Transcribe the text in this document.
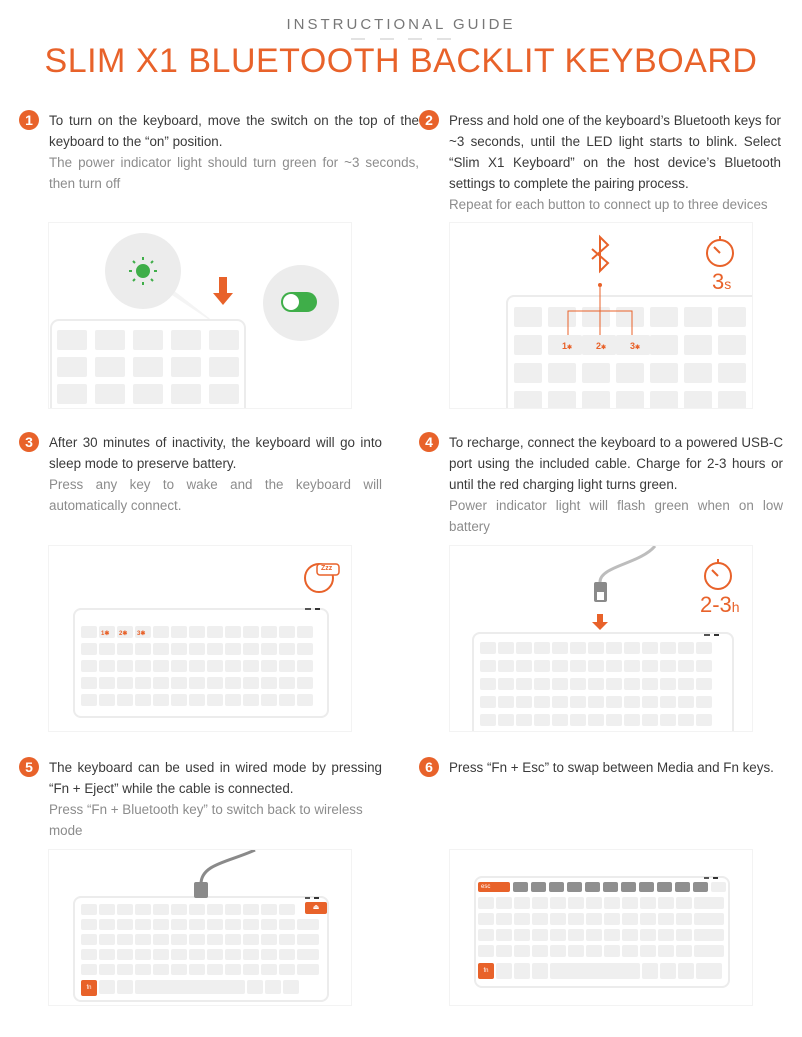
INSTRUCTIONAL GUIDE
SLIM X1 BLUETOOTH BACKLIT KEYBOARD
1	To turn on the keyboard, move the switch on the top of the keyboard to the “on” position.

The power indicator light should turn green for ~3 seconds, then turn off

2	Press and hold one of the keyboard’s Bluetooth keys for ~3 seconds, until the LED light starts to blink. Select “Slim X1 Keyboard” on the host device’s Bluetooth settings to complete the pairing process.

Repeat for each button to connect up to three devices

3	After 30 minutes of inactivity, the keyboard will go into sleep mode to preserve battery.

Press any key to wake and the keyboard will automatically connect.

4	To recharge, connect the keyboard to a powered USB-C port using the included cable. Charge for 2-3 hours or until the red charging light turns green.

Power indicator light will flash green when on low battery

5	The keyboard can be used in wired mode by pressing “Fn + Eject” while the cable is connected.

Press “Fn + Bluetooth key” to switch back to wireless mode

6	Press “Fn + Esc” to swap between Media and Fn keys.

1✱	2✱	3✱
3s
Zzz
1✱ 2✱ 3✱
2-3h
⏏
fn
esc
fn
